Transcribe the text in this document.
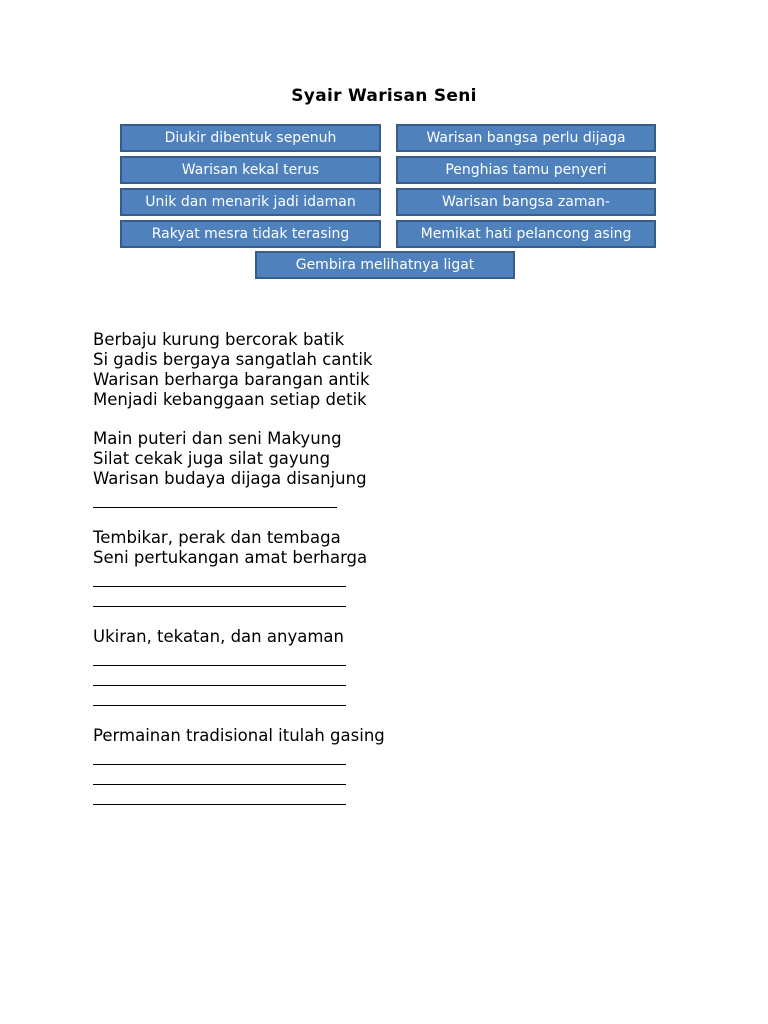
Syair Warisan Seni
Diukir dibentuk sepenuh
Warisan kekal terus
Unik dan menarik jadi idaman
Rakyat mesra tidak terasing
Warisan bangsa perlu dijaga
Penghias tamu penyeri
Warisan bangsa zaman-
Memikat hati pelancong asing
Gembira melihatnya ligat
Berbaju kurung bercorak batik
Si gadis bergaya sangatlah cantik
Warisan berharga barangan antik
Menjadi kebanggaan setiap detik
Main puteri dan seni Makyung
Silat cekak juga silat gayung
Warisan budaya dijaga disanjung
Tembikar, perak dan tembaga
Seni pertukangan amat berharga
Ukiran, tekatan, dan anyaman
Permainan tradisional itulah gasing
